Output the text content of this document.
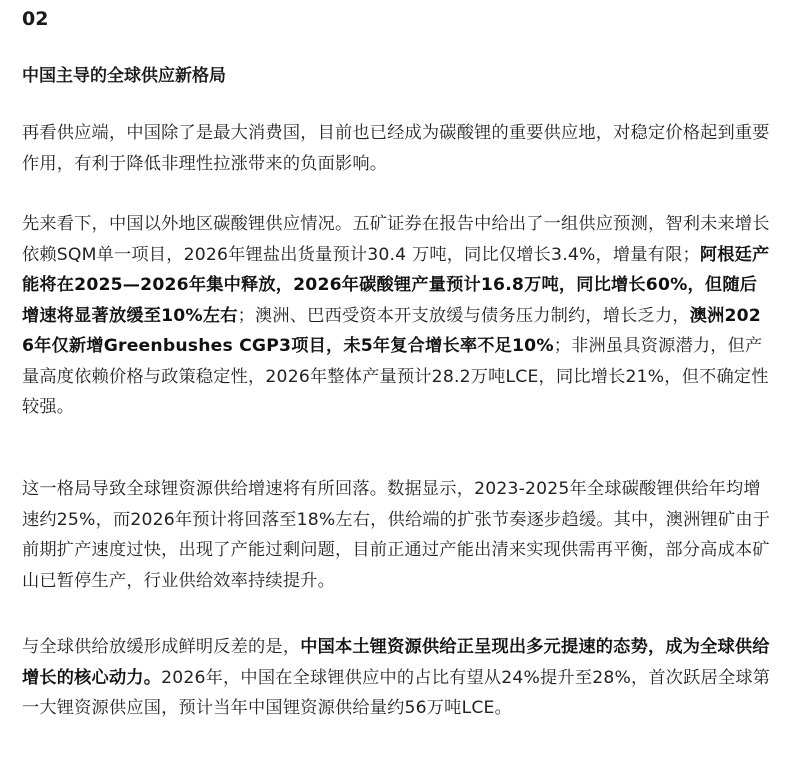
02
中国主导的全球供应新格局

再看供应端，中国除了是最大消费国，目前也已经成为碳酸锂的重要供应地，对稳定价格起到重要作用，有利于降低非理性拉涨带来的负面影响。

先来看下，中国以外地区碳酸锂供应情况。五矿证券在报告中给出了一组供应预测，智利未来增长依赖SQM单一项目，2026年锂盐出货量预计30.4 万吨，同比仅增长3.4%，增量有限；阿根廷产能将在2025—2026年集中释放，2026年碳酸锂产量预计16.8万吨，同比增长60%，但随后增速将显著放缓至10%左右；澳洲、巴西受资本开支放缓与债务压力制约，增长乏力，澳洲2026年仅新增Greenbushes CGP3项目，未5年复合增长率不足10%；非洲虽具资源潜力，但产量高度依赖价格与政策稳定性，2026年整体产量预计28.2万吨LCE，同比增长21%，但不确定性较强。

这一格局导致全球锂资源供给增速将有所回落。数据显示，2023-2025年全球碳酸锂供给年均增速约25%，而2026年预计将回落至18%左右，供给端的扩张节奏逐步趋缓。其中，澳洲锂矿由于前期扩产速度过快，出现了产能过剩问题，目前正通过产能出清来实现供需再平衡，部分高成本矿山已暂停生产，行业供给效率持续提升。

与全球供给放缓形成鲜明反差的是，中国本土锂资源供给正呈现出多元提速的态势，成为全球供给增长的核心动力。2026年，中国在全球锂供应中的占比有望从24%提升至28%，首次跃居全球第一大锂资源供应国，预计当年中国锂资源供给量约56万吨LCE。
